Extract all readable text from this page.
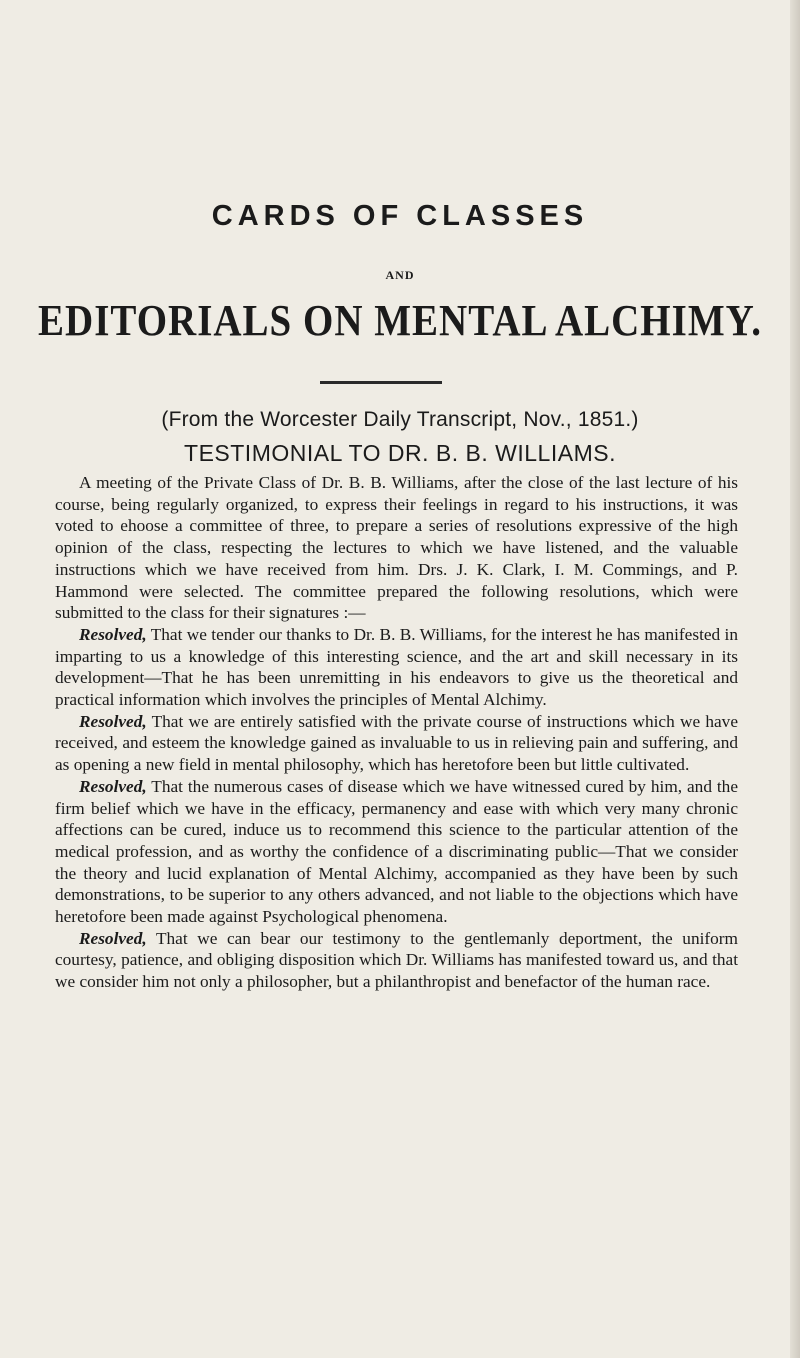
CARDS OF CLASSES
AND
EDITORIALS ON MENTAL ALCHIMY.
(From the Worcester Daily Transcript, Nov., 1851.)
TESTIMONIAL TO DR. B. B. WILLIAMS.

A meeting of the Private Class of Dr. B. B. Williams, after the close of the last lecture of his course, being regularly organized, to express their feelings in regard to his instructions, it was voted to ehoose a committee of three, to prepare a series of resolutions expressive of the high opinion of the class, respecting the lectures to which we have listened, and the valuable instructions which we have received from him. Drs. J. K. Clark, I. M. Commings, and P. Hammond were selected. The committee prepared the following resolutions, which were submitted to the class for their signatures :—

Resolved, That we tender our thanks to Dr. B. B. Williams, for the interest he has manifested in imparting to us a knowledge of this interesting science, and the art and skill necessary in its development—That he has been unremitting in his endeavors to give us the theoretical and practical information which involves the principles of Mental Alchimy.

Resolved, That we are entirely satisfied with the private course of instructions which we have received, and esteem the knowledge gained as invaluable to us in relieving pain and suffering, and as opening a new field in mental philosophy, which has heretofore been but little cultivated.

Resolved, That the numerous cases of disease which we have witnessed cured by him, and the firm belief which we have in the efficacy, permanency and ease with which very many chronic affections can be cured, induce us to recommend this science to the particular attention of the medical profession, and as worthy the confidence of a discriminating public—That we consider the theory and lucid explanation of Mental Alchimy, accompanied as they have been by such demonstrations, to be superior to any others advanced, and not liable to the objections which have heretofore been made against Psychological phenomena.

Resolved, That we can bear our testimony to the gentlemanly deportment, the uniform courtesy, patience, and obliging disposition which Dr. Williams has manifested toward us, and that we consider him not only a philosopher, but a philanthropist and benefactor of the human race.
